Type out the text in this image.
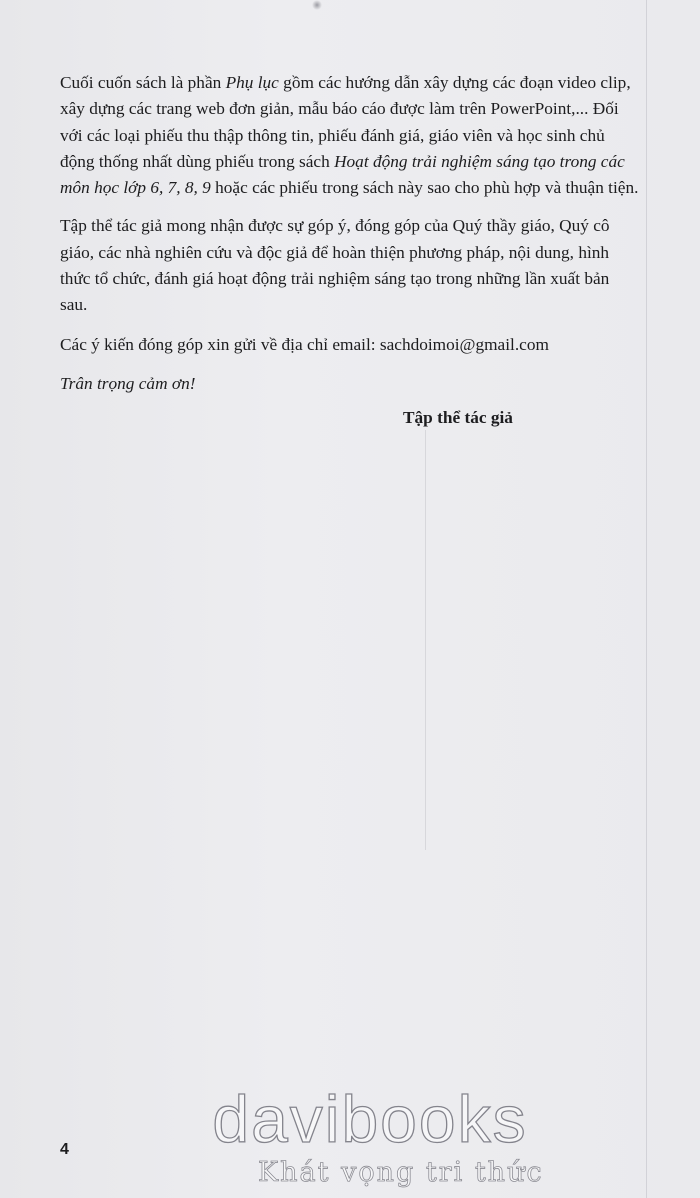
Cuối cuốn sách là phần Phụ lục gồm các hướng dẫn xây dựng các đoạn video clip, xây dựng các trang web đơn giản, mẫu báo cáo được làm trên PowerPoint,... Đối với các loại phiếu thu thập thông tin, phiếu đánh giá, giáo viên và học sinh chủ động thống nhất dùng phiếu trong sách Hoạt động trải nghiệm sáng tạo trong các môn học lớp 6, 7, 8, 9 hoặc các phiếu trong sách này sao cho phù hợp và thuận tiện.

Tập thể tác giả mong nhận được sự góp ý, đóng góp của Quý thầy giáo, Quý cô giáo, các nhà nghiên cứu và độc giả để hoàn thiện phương pháp, nội dung, hình thức tổ chức, đánh giá hoạt động trải nghiệm sáng tạo trong những lần xuất bản sau.

Các ý kiến đóng góp xin gửi về địa chỉ email: sachdoimoi@gmail.com

Trân trọng cảm ơn!

Tập thể tác giả
4	davibooks
Khát vọng tri thức
